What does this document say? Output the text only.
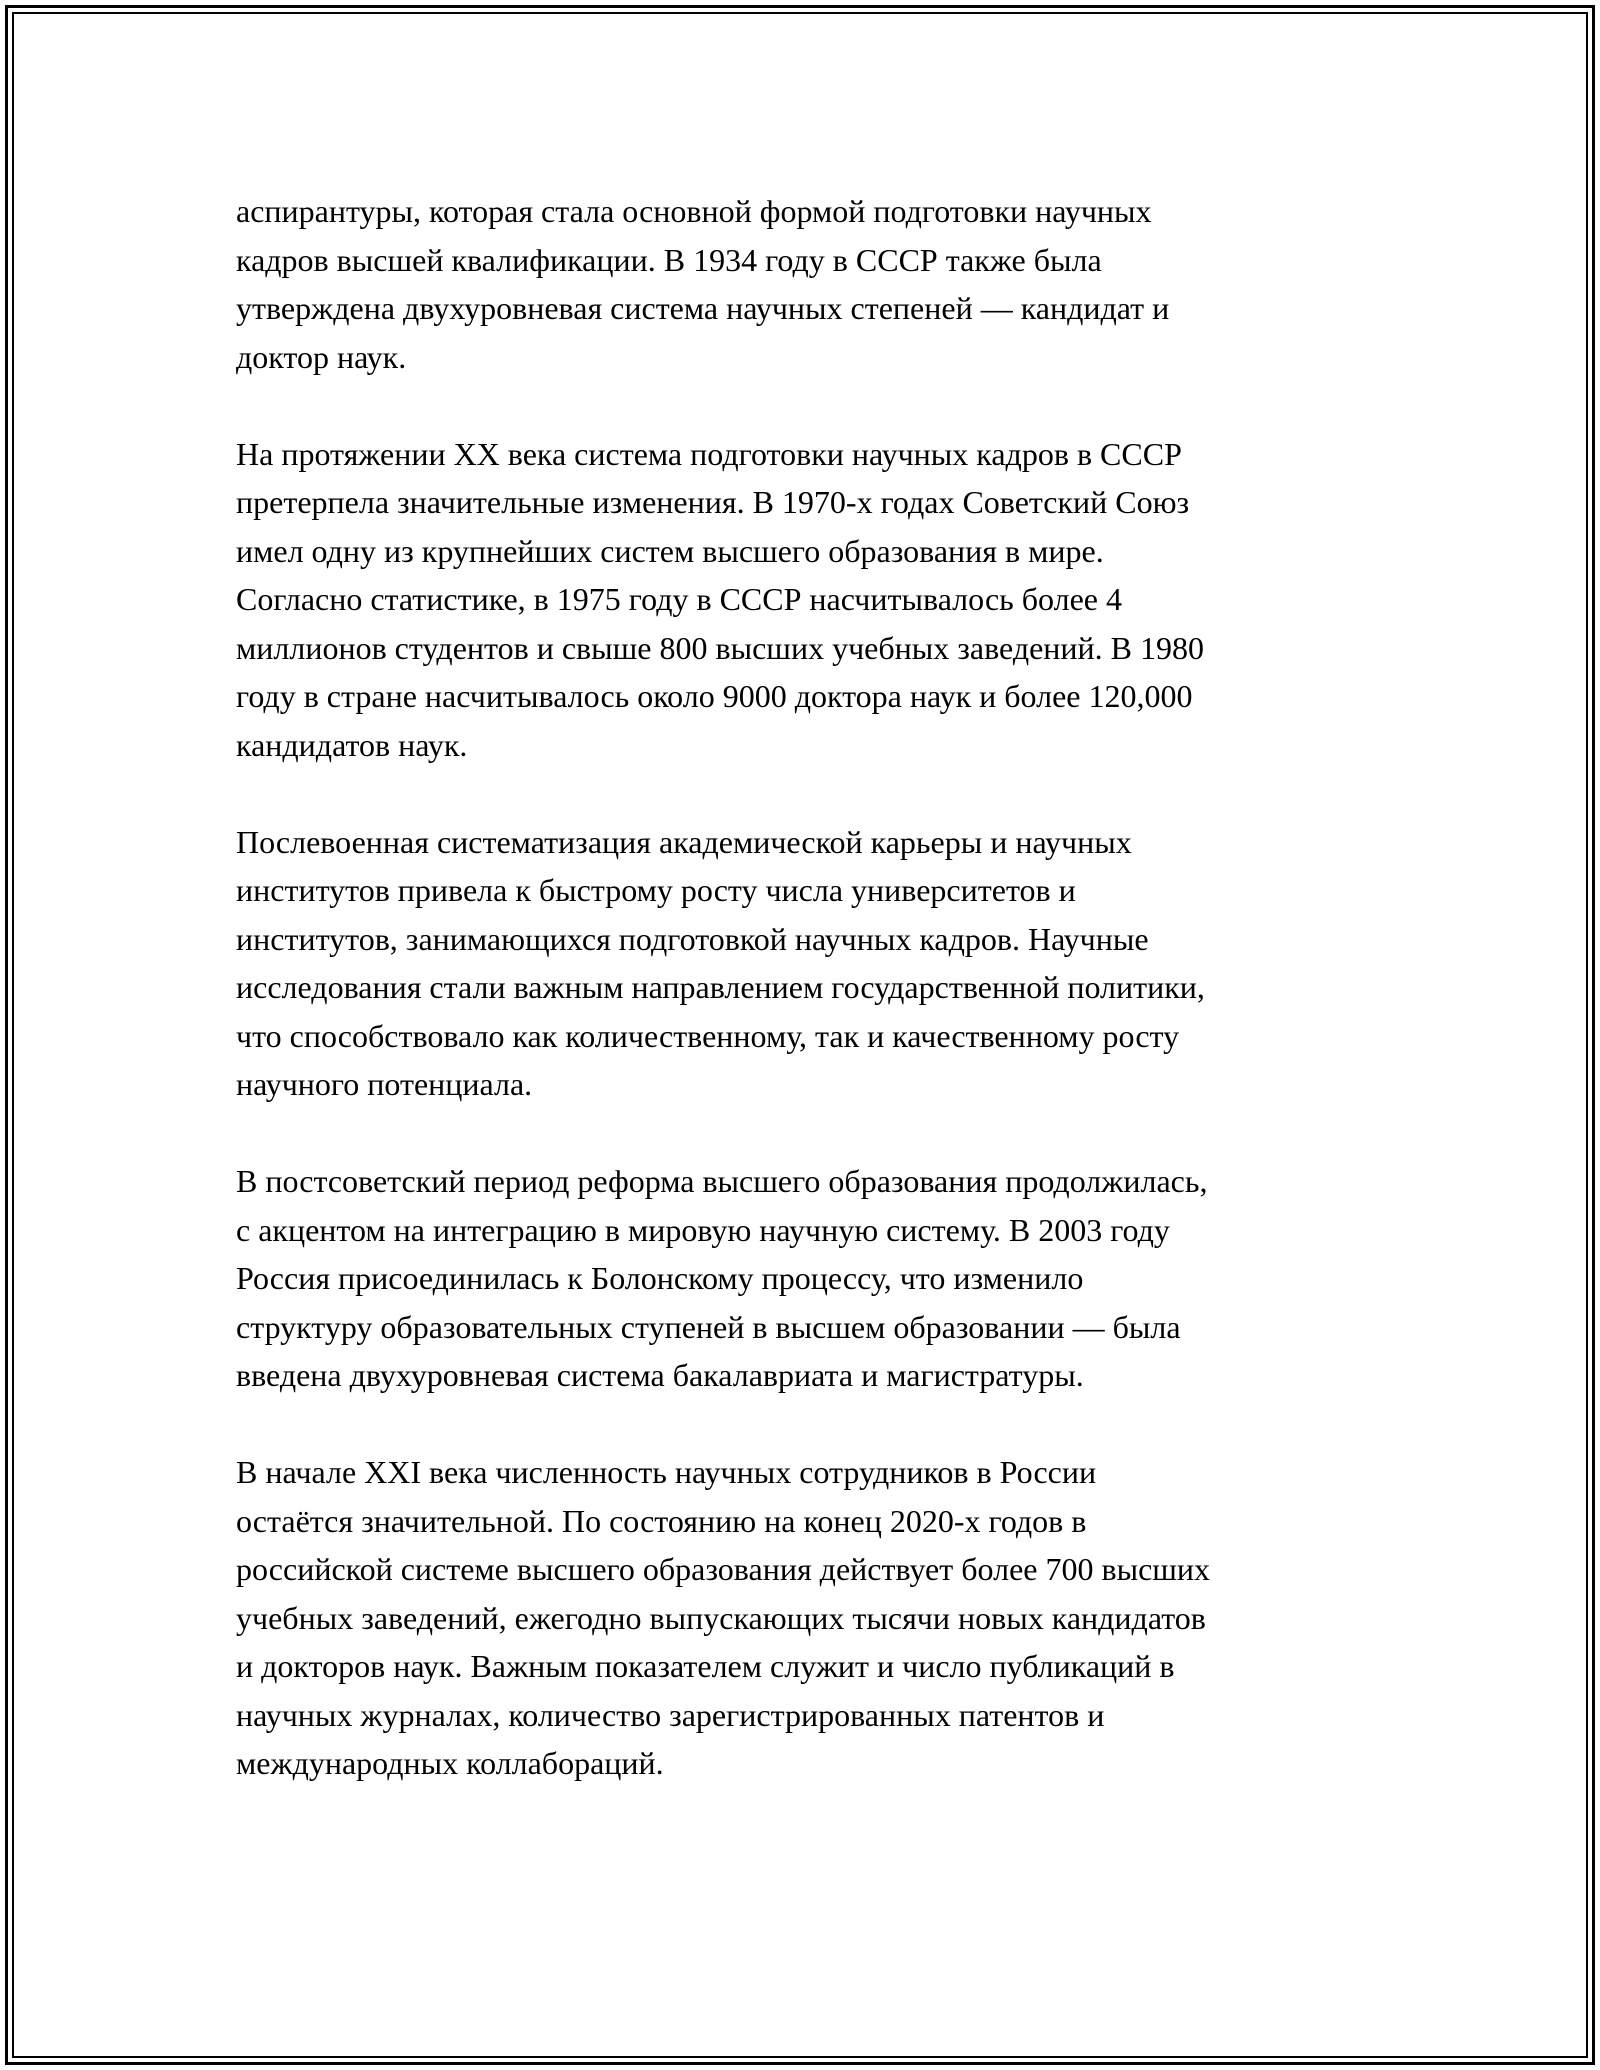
аспирантуры, которая стала основной формой подготовки научных
кадров высшей квалификации. В 1934 году в СССР также была
утверждена двухуровневая система научных степеней — кандидат и
доктор наук.

На протяжении XX века система подготовки научных кадров в СССР
претерпела значительные изменения. В 1970-х годах Советский Союз
имел одну из крупнейших систем высшего образования в мире.
Согласно статистике, в 1975 году в СССР насчитывалось более 4
миллионов студентов и свыше 800 высших учебных заведений. В 1980
году в стране насчитывалось около 9000 доктора наук и более 120,000
кандидатов наук.

Послевоенная систематизация академической карьеры и научных
институтов привела к быстрому росту числа университетов и
институтов, занимающихся подготовкой научных кадров. Научные
исследования стали важным направлением государственной политики,
что способствовало как количественному, так и качественному росту
научного потенциала.

В постсоветский период реформа высшего образования продолжилась,
с акцентом на интеграцию в мировую научную систему. В 2003 году
Россия присоединилась к Болонскому процессу, что изменило
структуру образовательных ступеней в высшем образовании — была
введена двухуровневая система бакалавриата и магистратуры.

В начале XXI века численность научных сотрудников в России
остаётся значительной. По состоянию на конец 2020-х годов в
российской системе высшего образования действует более 700 высших
учебных заведений, ежегодно выпускающих тысячи новых кандидатов
и докторов наук. Важным показателем служит и число публикаций в
научных журналах, количество зарегистрированных патентов и
международных коллабораций.
